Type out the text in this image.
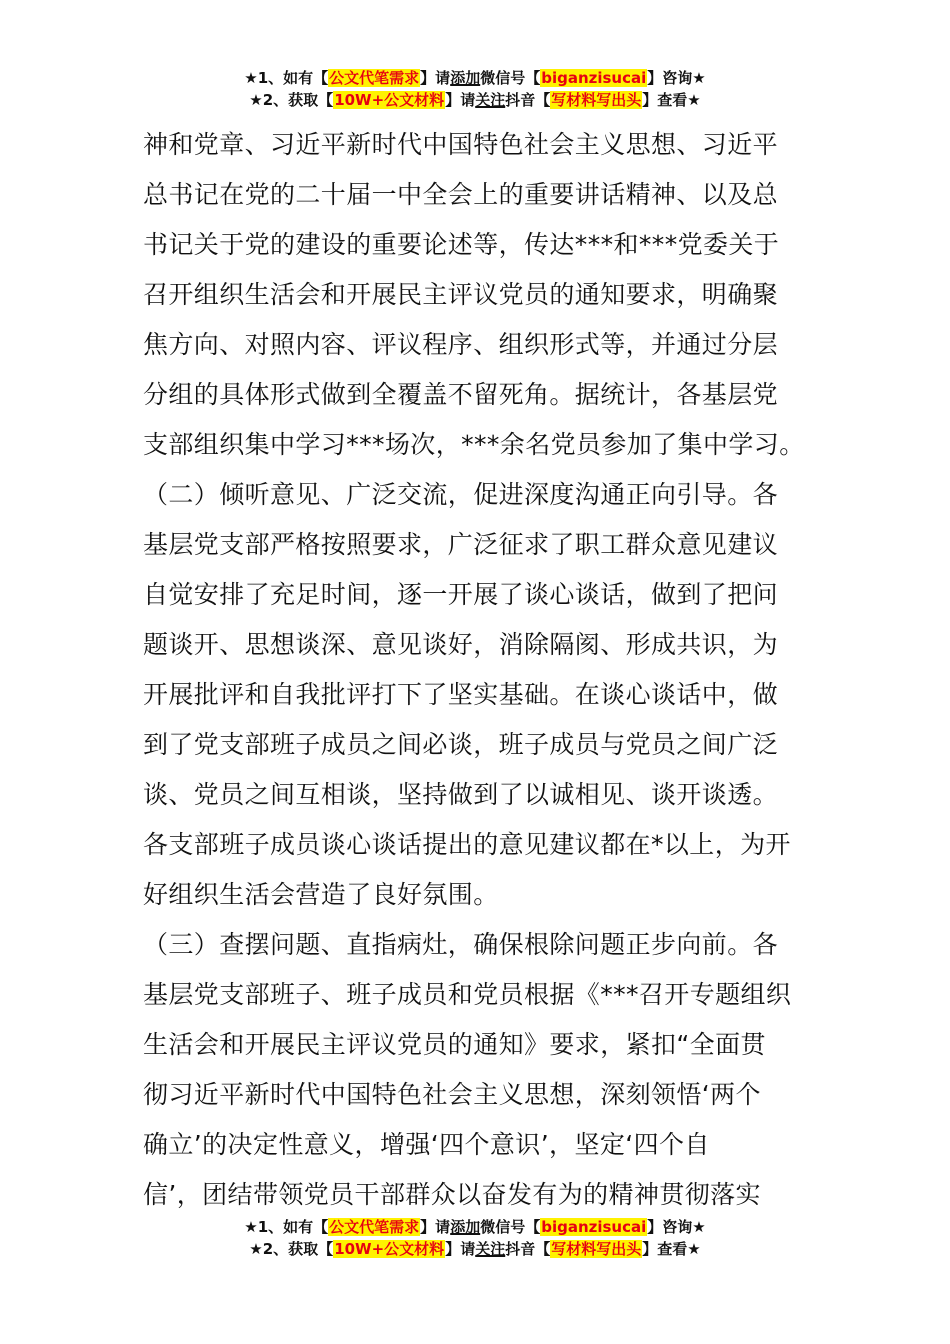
★1、如有【公文代笔需求】请添加微信号【biganzisucai】咨询★
★2、获取【10W+公文材料】请关注抖音【写材料写出头】查看★
神和党章、习近平新时代中国特色社会主义思想、习近平
总书记在党的二十届一中全会上的重要讲话精神、以及总
书记关于党的建设的重要论述等，传达***和***党委关于
召开组织生活会和开展民主评议党员的通知要求，明确聚
焦方向、对照内容、评议程序、组织形式等，并通过分层
分组的具体形式做到全覆盖不留死角。据统计，各基层党
支部组织集中学习***场次，***余名党员参加了集中学习。
（二）倾听意见、广泛交流，促进深度沟通正向引导。各
基层党支部严格按照要求，广泛征求了职工群众意见建议
自觉安排了充足时间，逐一开展了谈心谈话，做到了把问
题谈开、思想谈深、意见谈好，消除隔阂、形成共识，为
开展批评和自我批评打下了坚实基础。在谈心谈话中，做
到了党支部班子成员之间必谈，班子成员与党员之间广泛
谈、党员之间互相谈，坚持做到了以诚相见、谈开谈透。
各支部班子成员谈心谈话提出的意见建议都在*以上，为开
好组织生活会营造了良好氛围。
（三）查摆问题、直指病灶，确保根除问题正步向前。各
基层党支部班子、班子成员和党员根据《***召开专题组织
生活会和开展民主评议党员的通知》要求，紧扣“全面贯
彻习近平新时代中国特色社会主义思想，深刻领悟‘两个
确立’的决定性意义，增强‘四个意识’，坚定‘四个自
信’，团结带领党员干部群众以奋发有为的精神贯彻落实
★1、如有【公文代笔需求】请添加微信号【biganzisucai】咨询★
★2、获取【10W+公文材料】请关注抖音【写材料写出头】查看★
